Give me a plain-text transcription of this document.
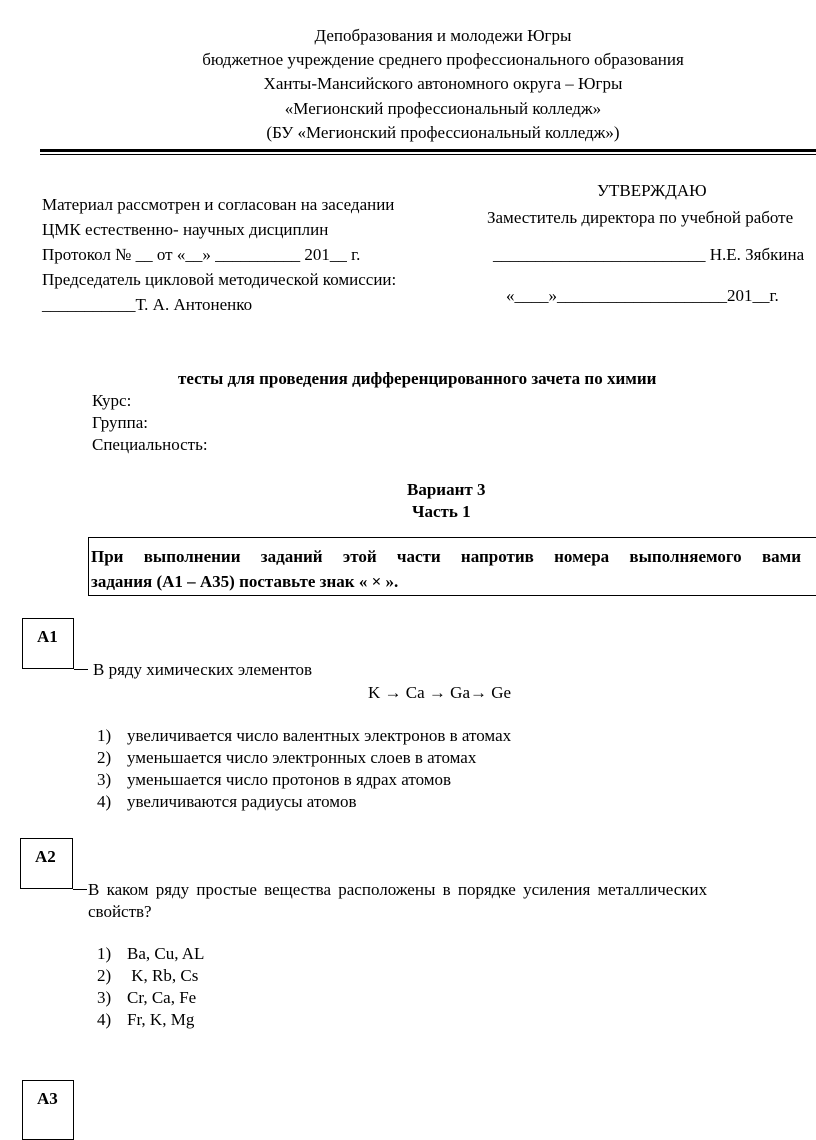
Депобразования и молодежи Югры
бюджетное учреждение среднего профессионального образования
Ханты-Мансийского автономного округа – Югры
«Мегионский профессиональный колледж»
(БУ «Мегионский профессиональный колледж»)
Материал рассмотрен и согласован на заседании
ЦМК естественно- научных дисциплин
Протокол № __ от «__» __________ 201__ г.
Председатель цикловой методической комиссии:
___________Т. А. Антоненко
УТВЕРЖДАЮ
Заместитель директора по учебной работе
_________________________ Н.Е. Зябкина
«____»____________________201__г.
тесты для проведения дифференцированного зачета по химии
Курс:
Группа:
Специальность:
Вариант 3
Часть 1
При выполнении заданий этой части напротив номера выполняемого вами
задания (А1 – А35) поставьте знак « × ».
А1
В ряду химических элементов
K → Ca → Ga→ Ge
1) увеличивается число валентных электронов в атомах
2) уменьшается число электронных слоев в атомах
3) уменьшается число протонов в ядрах атомов
4) увеличиваются радиусы атомов
А2
В каком ряду простые вещества расположены в порядке усиления металлических
свойств?
1) Ba, Cu, AL
2) K, Rb, Cs
3) Cr, Ca, Fe
4) Fr, K, Mg
А3
